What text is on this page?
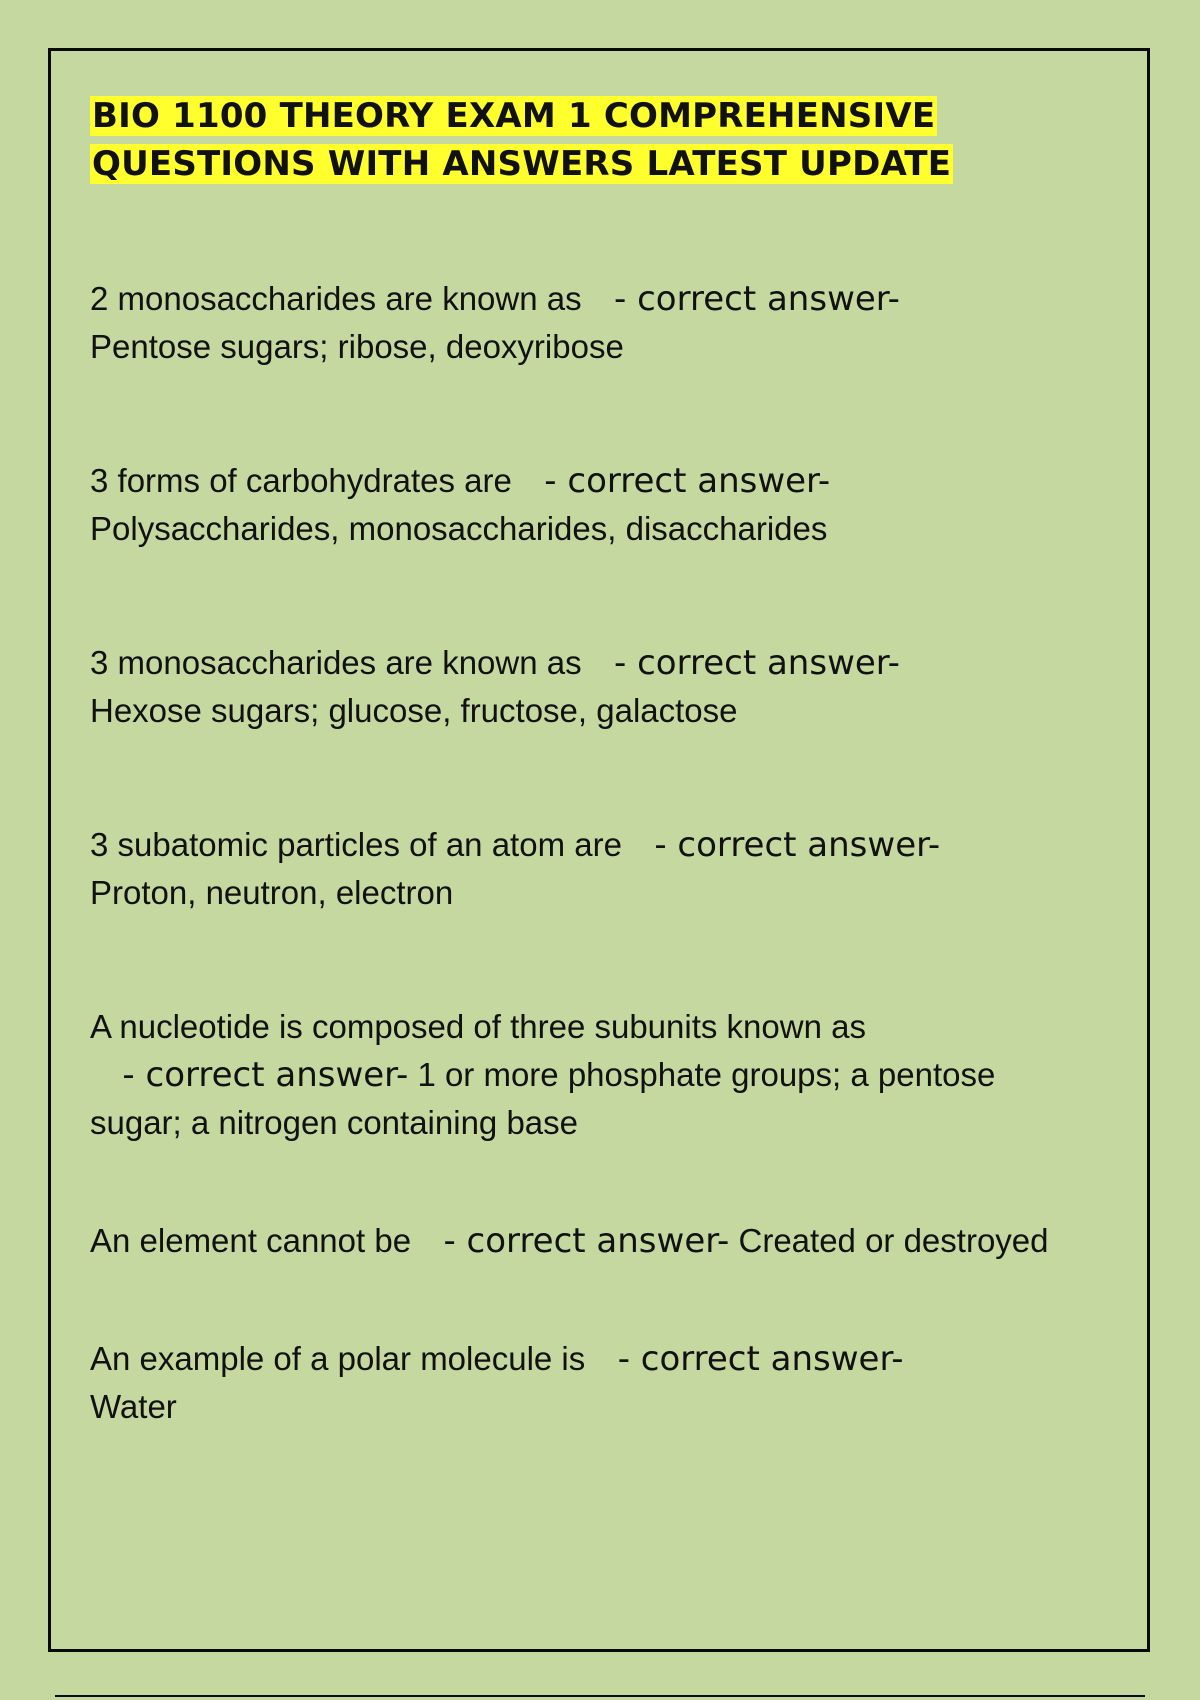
BIO 1100 THEORY EXAM 1 COMPREHENSIVE
QUESTIONS WITH ANSWERS LATEST UPDATE

2 monosaccharides are known as   - correct answer-
Pentose sugars; ribose, deoxyribose

3 forms of carbohydrates are   - correct answer-
Polysaccharides, monosaccharides, disaccharides

3 monosaccharides are known as   - correct answer-
Hexose sugars; glucose, fructose, galactose

3 subatomic particles of an atom are   - correct answer-
Proton, neutron, electron

A nucleotide is composed of three subunits known as   - correct answer- 1 or more phosphate groups; a pentose sugar; a nitrogen containing base

An element cannot be   - correct answer- Created or destroyed

An example of a polar molecule is   - correct answer-
Water
